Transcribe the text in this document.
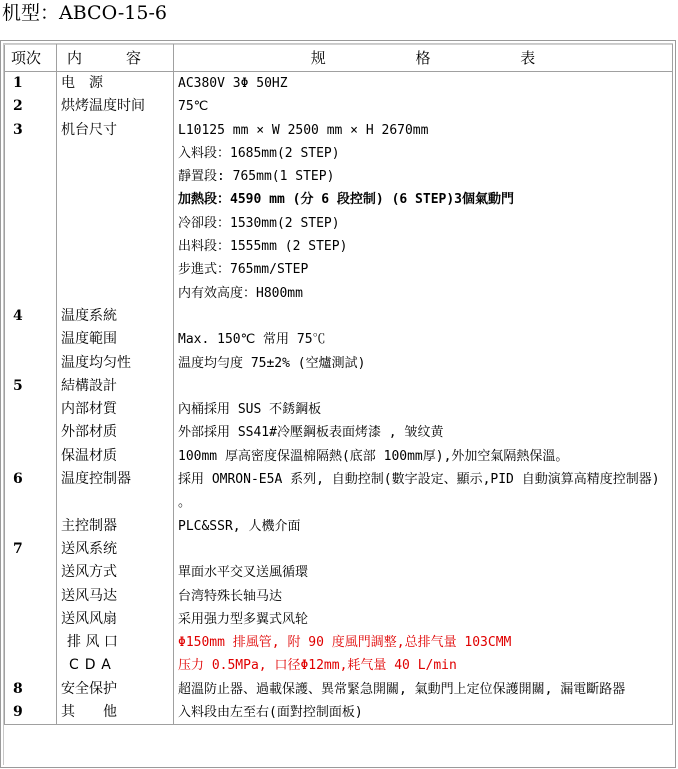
机型：ABCO-15-6
项次	内容	规 格 表
1	电　源	AC380V 3Φ 50HZ
2	烘烤温度时间	75℃
3	机台尺寸	L10125 mm × W 2500 mm × H 2670mm
		入料段：1685mm(2 STEP)
		靜置段: 765mm(1 STEP)
		加熱段：4590 mm (分 6 段控制) (6 STEP)3個氣動門
		冷卻段：1530mm(2 STEP)
		出料段：1555mm (2 STEP)
		步進式：765mm/STEP
		内有效高度：H800mm
4	温度系統	
	温度範围	Max. 150℃ 常用 75℃
	温度均匀性	温度均勻度 75±2% (空爐測試)
5	結構設計	
	内部材質	內桶採用 SUS 不銹鋼板
	外部材质	外部採用 SS41#冷壓鋼板表面烤漆 , 皱纹黄
	保温材质	100mm 厚高密度保溫棉隔熱(底部 100mm厚),外加空氣隔熱保溫。
6	温度控制器	採用 OMRON-E5A 系列, 自動控制(數字設定、顯示,PID 自動演算高精度控制器) 。
	主控制器	PLC&SSR, 人機介面
7	送风系统	
	送风方式	單面水平交叉送風循環
	送风马达	台湾特殊长轴马达
	送风风扇	采用强力型多翼式风轮
	排 风 口	Φ150mm 排風管, 附 90 度風門調整,总排气量 103CMM
	CDA	压力 0.5MPa, 口径Φ12mm,耗气量 40 L/min
8	安全保护	超溫防止器、過載保護、異常緊急開關, 氣動門上定位保護開關, 漏電斷路器
9	其　　他	入料段由左至右(面對控制面板)
